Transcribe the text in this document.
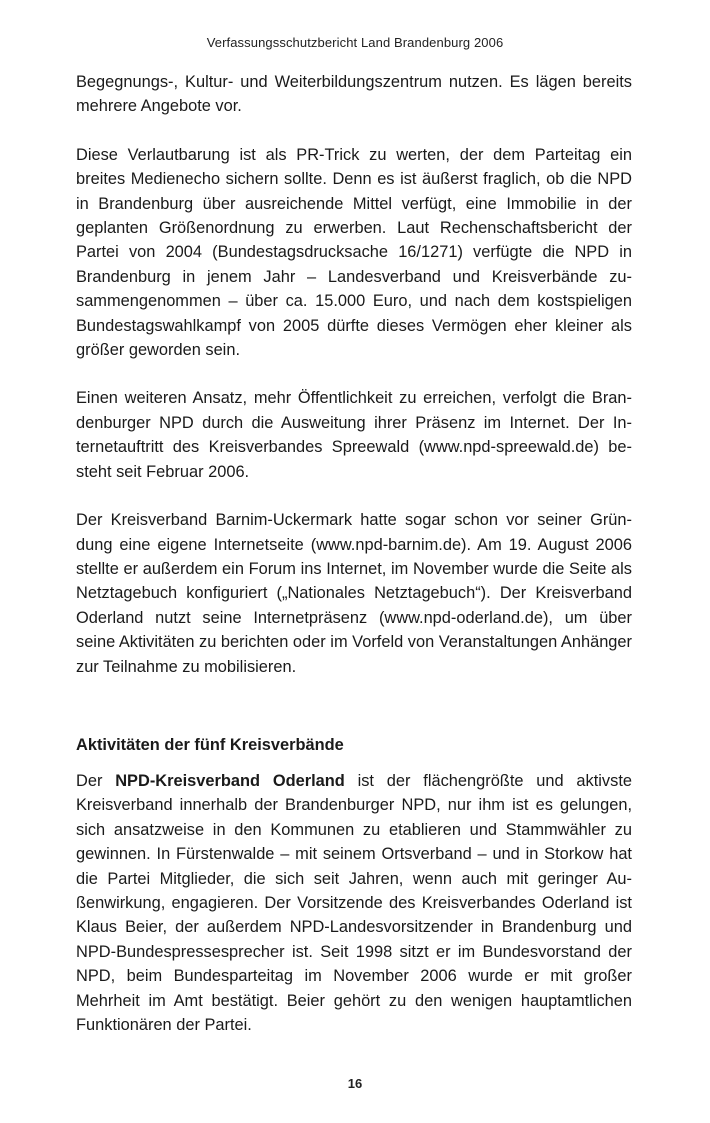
Verfassungsschutzbericht Land Brandenburg 2006

Begegnungs-, Kultur- und Weiterbildungszentrum nutzen. Es lägen bereits mehrere Angebote vor.

Diese Verlautbarung ist als PR-Trick zu werten, der dem Parteitag ein breites Medienecho sichern sollte. Denn es ist äußerst fraglich, ob die NPD in Brandenburg über ausreichende Mittel verfügt, eine Immobilie in der geplanten Größenordnung zu erwerben. Laut Rechenschaftsbericht der Partei von 2004 (Bundestagsdrucksache 16/1271) verfügte die NPD in Brandenburg in jenem Jahr – Landesverband und Kreisverbände zusammengenommen – über ca. 15.000 Euro, und nach dem kostspieligen Bundestagswahlkampf von 2005 dürfte dieses Vermögen eher kleiner als größer geworden sein.

Einen weiteren Ansatz, mehr Öffentlichkeit zu erreichen, verfolgt die Brandenburger NPD durch die Ausweitung ihrer Präsenz im Internet. Der Internetauftritt des Kreisverbandes Spreewald (www.npd-spreewald.de) besteht seit Februar 2006.

Der Kreisverband Barnim-Uckermark hatte sogar schon vor seiner Gründung eine eigene Internetseite (www.npd-barnim.de). Am 19. August 2006 stellte er außerdem ein Forum ins Internet, im November wurde die Seite als Netztagebuch konfiguriert („Nationales Netztagebuch“). Der Kreisverband Oderland nutzt seine Internetpräsenz (www.npd-oderland.de), um über seine Aktivitäten zu berichten oder im Vorfeld von Veranstaltungen Anhänger zur Teilnahme zu mobilisieren.

Aktivitäten der fünf Kreisverbände

Der NPD-Kreisverband Oderland ist der flächengrößte und aktivste Kreisverband innerhalb der Brandenburger NPD, nur ihm ist es gelungen, sich ansatzweise in den Kommunen zu etablieren und Stammwähler zu gewinnen. In Fürstenwalde – mit seinem Ortsverband – und in Storkow hat die Partei Mitglieder, die sich seit Jahren, wenn auch mit geringer Außenwirkung, engagieren. Der Vorsitzende des Kreisverbandes Oderland ist Klaus Beier, der außerdem NPD-Landesvorsitzender in Brandenburg und NPD-Bundespressesprecher ist. Seit 1998 sitzt er im Bundesvorstand der NPD, beim Bundesparteitag im November 2006 wurde er mit großer Mehrheit im Amt bestätigt. Beier gehört zu den wenigen hauptamtlichen Funktionären der Partei.

16
